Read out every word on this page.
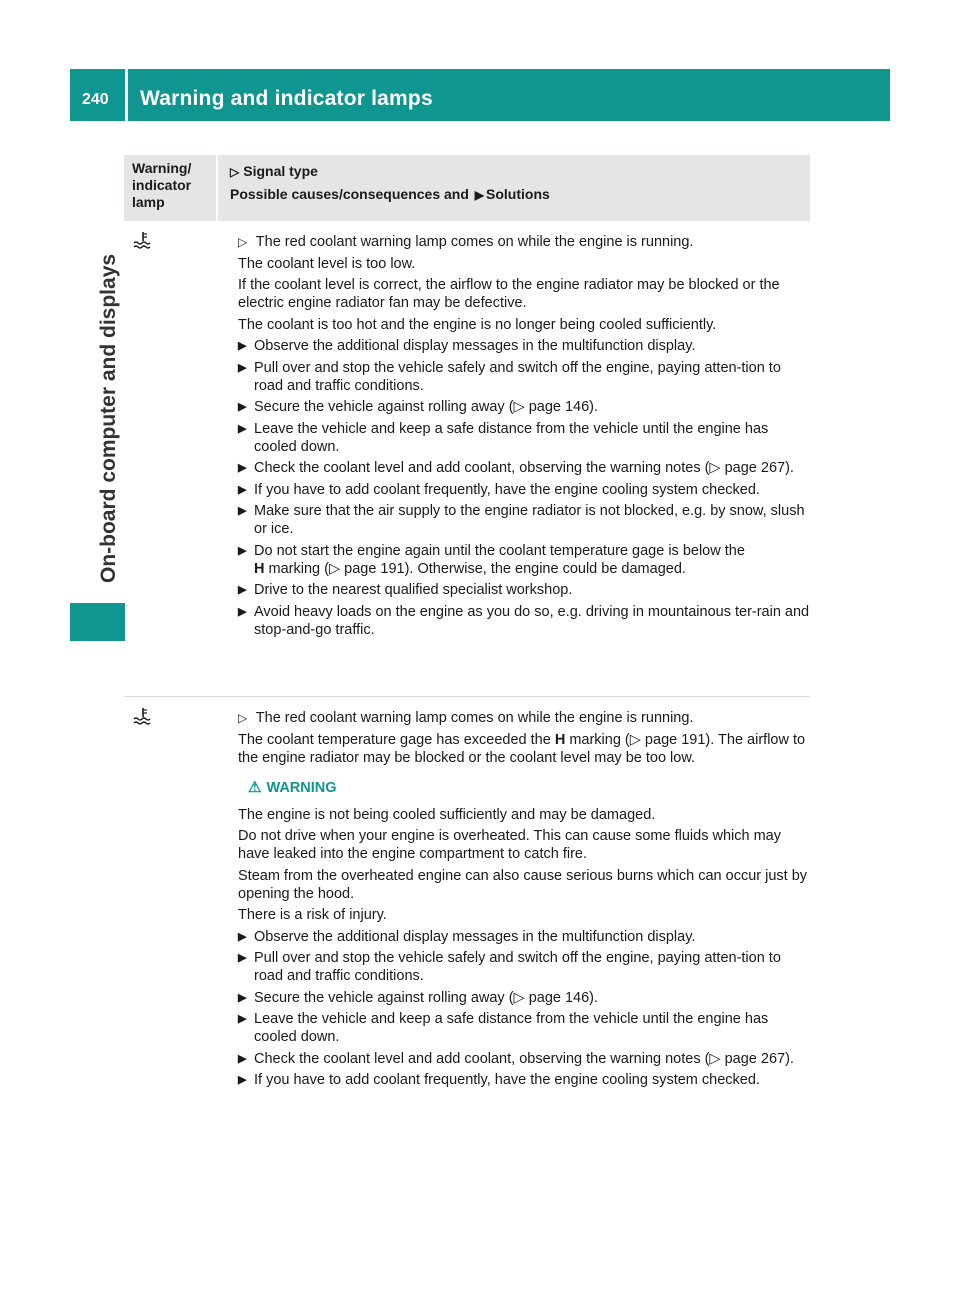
240 Warning and indicator lamps
On-board computer and displays
Warning/
indicator
lamp
▷ Signal type
Possible causes/consequences and ▶ Solutions

▷ The red coolant warning lamp comes on while the engine is running.

The coolant level is too low.

If the coolant level is correct, the airflow to the engine radiator may be blocked or the electric engine radiator fan may be defective.

The coolant is too hot and the engine is no longer being cooled sufficiently.

▶ Observe the additional display messages in the multifunction display.
▶ Pull over and stop the vehicle safely and switch off the engine, paying atten-tion to road and traffic conditions.
▶ Secure the vehicle against rolling away (▷ page 146).
▶ Leave the vehicle and keep a safe distance from the vehicle until the engine has cooled down.
▶ Check the coolant level and add coolant, observing the warning notes (▷ page 267).
▶ If you have to add coolant frequently, have the engine cooling system checked.
▶ Make sure that the air supply to the engine radiator is not blocked, e.g. by snow, slush or ice.
▶ Do not start the engine again until the coolant temperature gage is below the
H marking (▷ page 191). Otherwise, the engine could be damaged.
▶ Drive to the nearest qualified specialist workshop.
▶ Avoid heavy loads on the engine as you do so, e.g. driving in mountainous ter-rain and stop-and-go traffic.

▷ The red coolant warning lamp comes on while the engine is running.

The coolant temperature gage has exceeded the H marking (▷ page 191). The airflow to the engine radiator may be blocked or the coolant level may be too low.

⚠ WARNING

The engine is not being cooled sufficiently and may be damaged.

Do not drive when your engine is overheated. This can cause some fluids which may have leaked into the engine compartment to catch fire.

Steam from the overheated engine can also cause serious burns which can occur just by opening the hood.

There is a risk of injury.

▶ Observe the additional display messages in the multifunction display.
▶ Pull over and stop the vehicle safely and switch off the engine, paying atten-tion to road and traffic conditions.
▶ Secure the vehicle against rolling away (▷ page 146).
▶ Leave the vehicle and keep a safe distance from the vehicle until the engine has cooled down.
▶ Check the coolant level and add coolant, observing the warning notes (▷ page 267).
▶ If you have to add coolant frequently, have the engine cooling system checked.
